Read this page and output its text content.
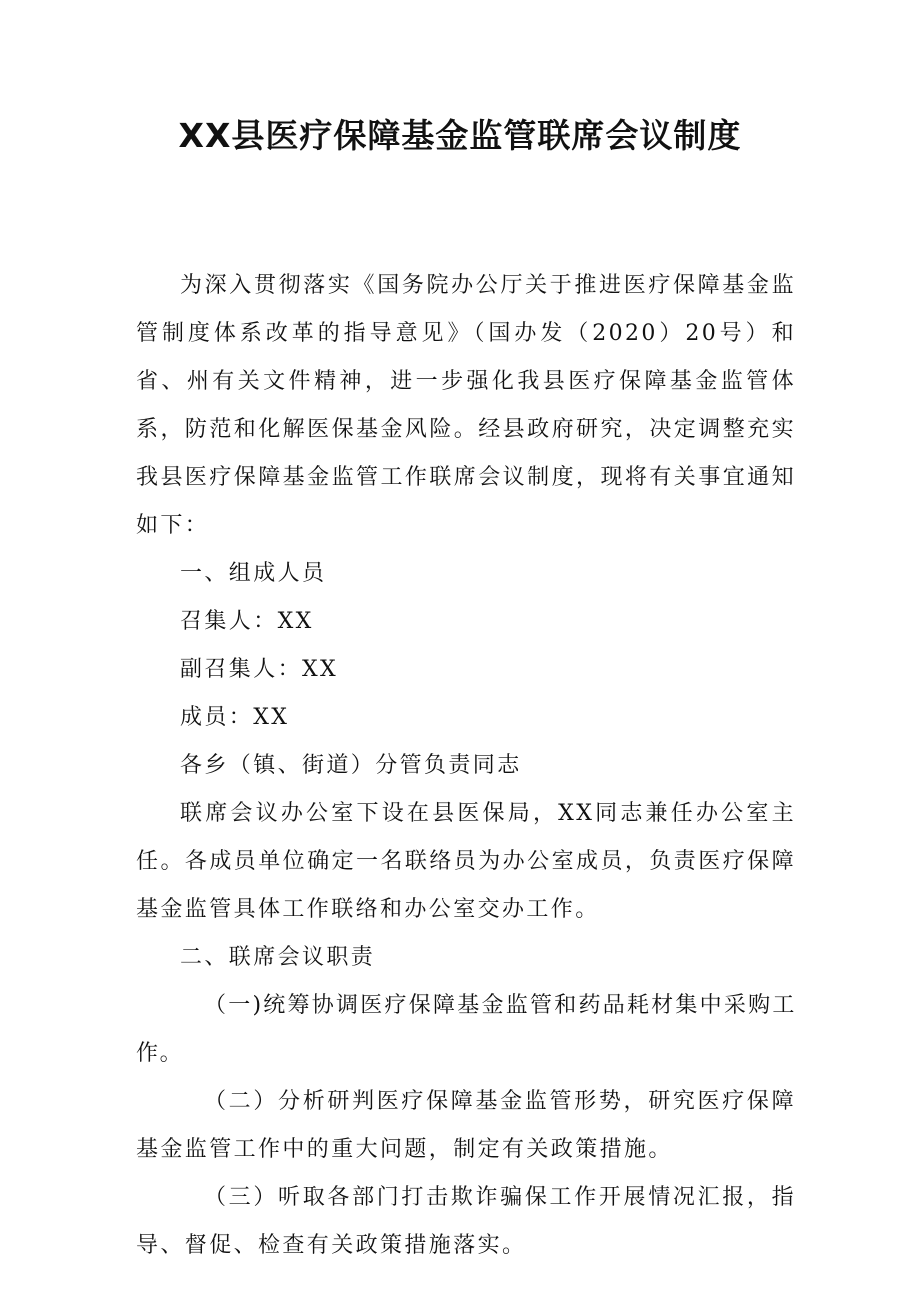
XX县医疗保障基金监管联席会议制度

为深入贯彻落实《国务院办公厅关于推进医疗保障基金监管制度体系改革的指导意见》（国办发（2020）20号）和省、州有关文件精神，进一步强化我县医疗保障基金监管体系，防范和化解医保基金风险。经县政府研究，决定调整充实我县医疗保障基金监管工作联席会议制度，现将有关事宜通知如下：

一、组成人员

召集人：XX

副召集人：XX

成员：XX

各乡（镇、街道）分管负责同志

联席会议办公室下设在县医保局，XX同志兼任办公室主任。各成员单位确定一名联络员为办公室成员，负责医疗保障基金监管具体工作联络和办公室交办工作。

二、联席会议职责

（一)统筹协调医疗保障基金监管和药品耗材集中采购工作。

（二）分析研判医疗保障基金监管形势，研究医疗保障基金监管工作中的重大问题，制定有关政策措施。

（三）听取各部门打击欺诈骗保工作开展情况汇报，指导、督促、检查有关政策措施落实。
